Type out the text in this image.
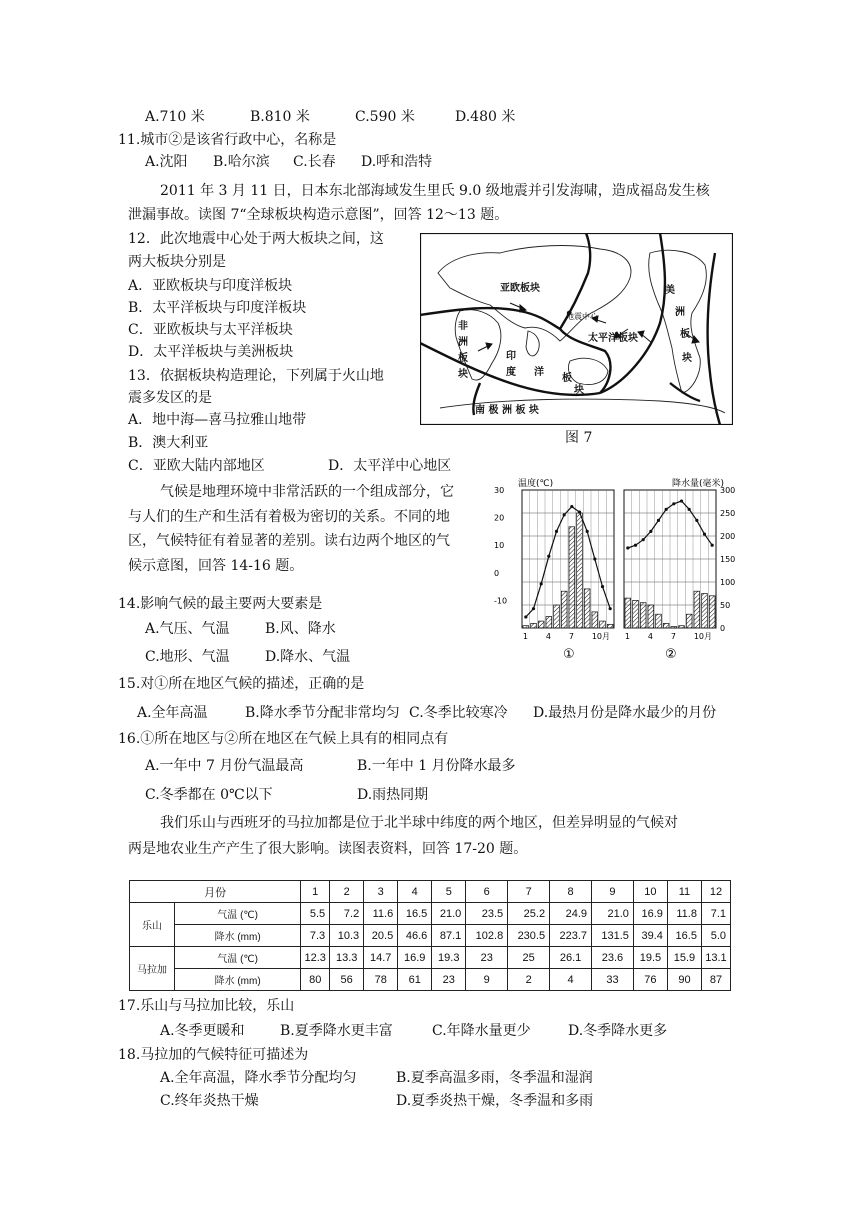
A.710 米	B.810 米	C.590 米	D.480 米
11.城市②是该省行政中心，名称是
A.沈阳 B.哈尔滨 C.长春 D.呼和浩特
2011 年 3 月 11 日，日本东北部海域发生里氏 9.0 级地震并引发海啸，造成福岛发生核
泄漏事故。读图 7“全球板块构造示意图”，回答 12～13 题。
12．此次地震中心处于两大板块之间，这
两大板块分别是
A．亚欧板块与印度洋板块
B．太平洋板块与印度洋板块
C．亚欧板块与太平洋板块
D．太平洋板块与美洲板块
13．依据板块构造理论，下列属于火山地
震多发区的是
A．地中海—喜马拉雅山地带
B．澳大利亚
C．亚欧大陆内部地区	D．太平洋中心地区
亚欧板块
太平洋板块
南 极 洲 板 块
非
洲
板
块
美
洲
板
块
印
度 洋
板
块
地震中心
图 7
气候是地理环境中非常活跃的一个组成部分，它
与人们的生产和生活有着极为密切的关系。不同的地
区，气候特征有着显著的差别。读右边两个地区的气
候示意图，回答 14-16 题。
温度(℃)	降水量(毫米)
1 4 7 10月
①
30
20
10
0
-10
1 4 7 10月
②
300
250
200
150
100
50
0
14.影响气候的最主要两大要素是
A.气压、气温	B.风、降水
C.地形、气温	D.降水、气温
15.对①所在地区气候的描述，正确的是
A.全年高温	B.降水季节分配非常均匀 C.冬季比较寒冷 D.最热月份是降水最少的月份
16.①所在地区与②所在地区在气候上具有的相同点有
A.一年中 7 月份气温最高	B.一年中 1 月份降水最多
C.冬季都在 0℃以下	D.雨热同期
我们乐山与西班牙的马拉加都是位于北半球中纬度的两个地区，但差异明显的气候对
两是地农业生产产生了很大影响。读图表资料，回答 17-20 题。
月份		1	2	3	4	5	6	7	8	9	10	11	12
乐山	气温 (℃)	5.5	7.2	11.6	16.5	21.0	23.5	25.2	24.9	21.0	16.9	11.8	7.1
	降水 (mm)	7.3	10.3	20.5	46.6	87.1	102.8	230.5	223.7	131.5	39.4	16.5	5.0
马拉加	气温 (℃)	12.3	13.3	14.7	16.9	19.3	23	25	26.1	23.6	19.5	15.9	13.1
	降水 (mm)	80	56	78	61	23	9	2	4	33	76	90	87
17.乐山与马拉加比较，乐山
A.冬季更暖和	B.夏季降水更丰富	C.年降水量更少	D.冬季降水更多
18.马拉加的气候特征可描述为
A.全年高温，降水季节分配均匀	B.夏季高温多雨，冬季温和湿润
C.终年炎热干燥	D.夏季炎热干燥，冬季温和多雨
